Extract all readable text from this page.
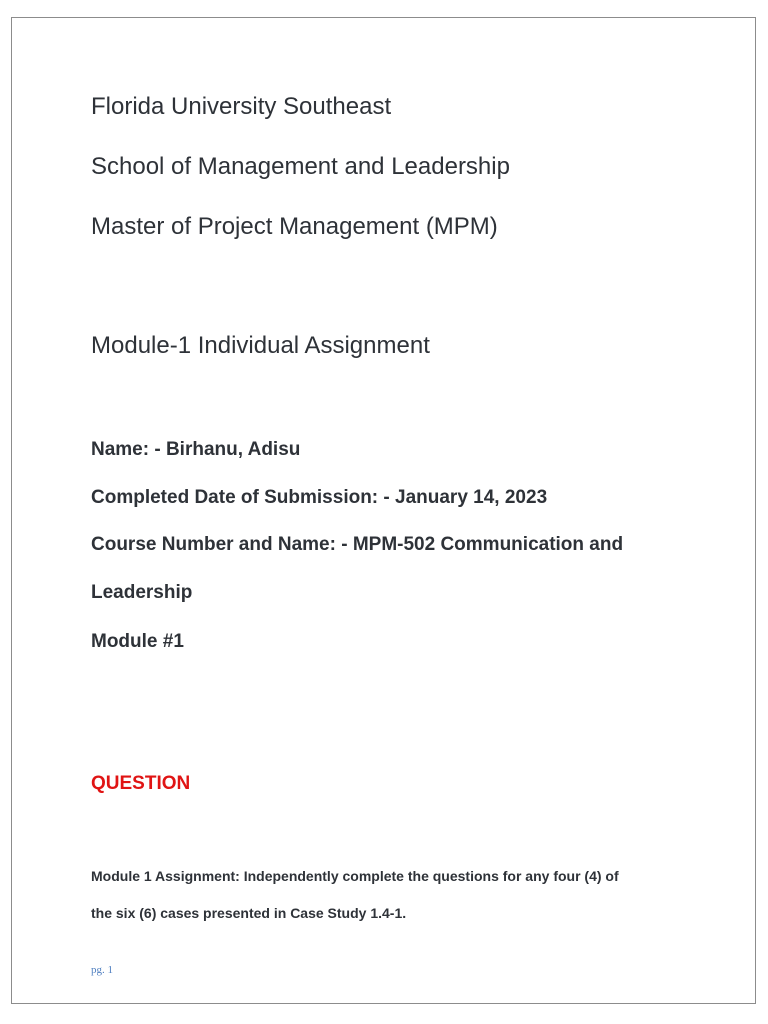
Florida University Southeast

School of Management and Leadership

Master of Project Management (MPM)

Module-1 Individual Assignment

Name: - Birhanu, Adisu

Completed Date of Submission: - January 14, 2023

Course Number and Name: - MPM-502 Communication and

Leadership

Module #1

QUESTION

Module 1 Assignment: Independently complete the questions for any four (4) of

the six (6) cases presented in Case Study 1.4-1.

pg. 1
